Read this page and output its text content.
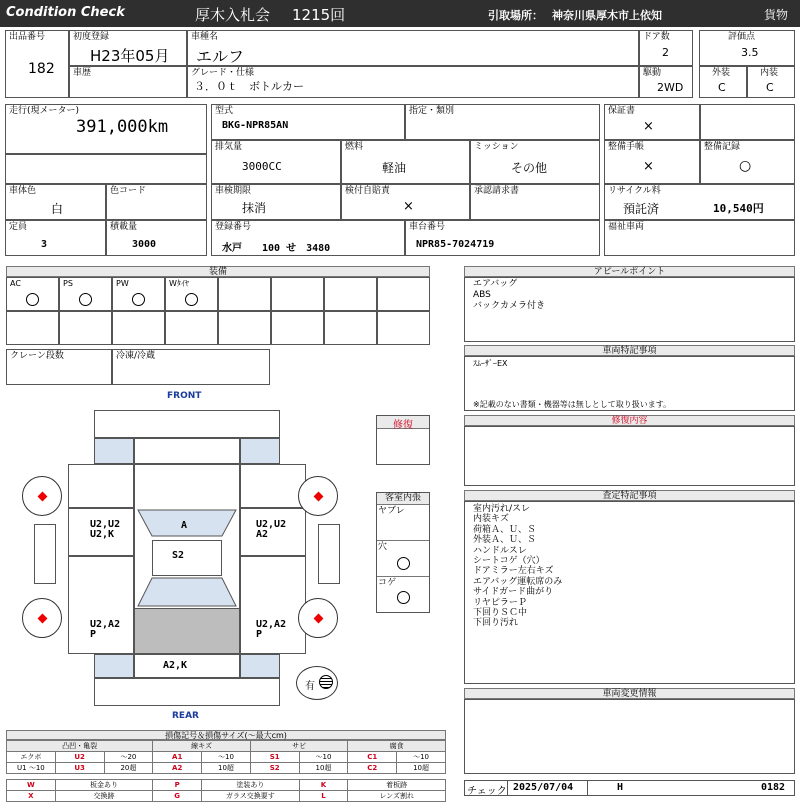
Condition Check	厚木入札会 1215回	引取場所： 神奈川県厚木市上依知	貨物
出品番号
182
初度登録
H23年05月
車歴
車種名
エルフ
グレード・仕様
３．０ｔ　ボトルカー
ドア数
2
駆動
2WD
評価点
3.5
外装
C
内装
C
走行(現メーター)
391,000km
型式
BKG-NPR85AN
指定・類別
排気量
3000CC
燃料
軽油
ミッション
その他
保証書
×
整備手帳
×
整備記録
○
車体色
白
色コード	車検期限
抹消
検付自賠責
×
承認請求書	リサイクル料
預託済	10,540円
定員
3
積載量
3000
登録番号
水戸　　100 せ　3480
車台番号
NPR85-7024719
福祉車両
装備
AC	PS	PW	Wﾀｲﾔ
クレーン段数	冷凍/冷蔵
アピールポイント
エアバッグ
ABS
バックカメラ付き
車両特記事項
ｽﾑｰｻﾞｰEX
※記載のない書類・機器等は無しとして取り扱います。
修復内容
査定特記事項
室内汚れ/スレ
内装キズ
荷箱Ａ、Ｕ、Ｓ
外装Ａ、Ｕ、Ｓ
ハンドルスレ
シートコゲ（穴）
ドアミラー左右キズ
エアバッグ運転席のみ
サイドガード曲がり
リヤピラーＰ
下回りＳＣ中
下回り汚れ
車両変更情報
チェック 2025/07/04	H	0182
FRONT
REAR
U2,U2
U2,K
U2,U2
A2
A
S2
U2,A2
P
U2,A2
P
A2,K
有
修復
客室内張
ヤブレ
穴
コゲ
損傷記号＆損傷サイズ(〜最大cm)
凸凹・亀裂			線キズ		サビ		腐食	
エクボ	U2	〜20	A1	〜10	S1	〜10	C1	〜10
U1 〜10	U3	20超	A2	10超	S2	10超	C2	10超
W	板金あり	P	塗装あり	K	着板跡
X	交換跡	G	ガラス交換要す	L	レンズ割れ
